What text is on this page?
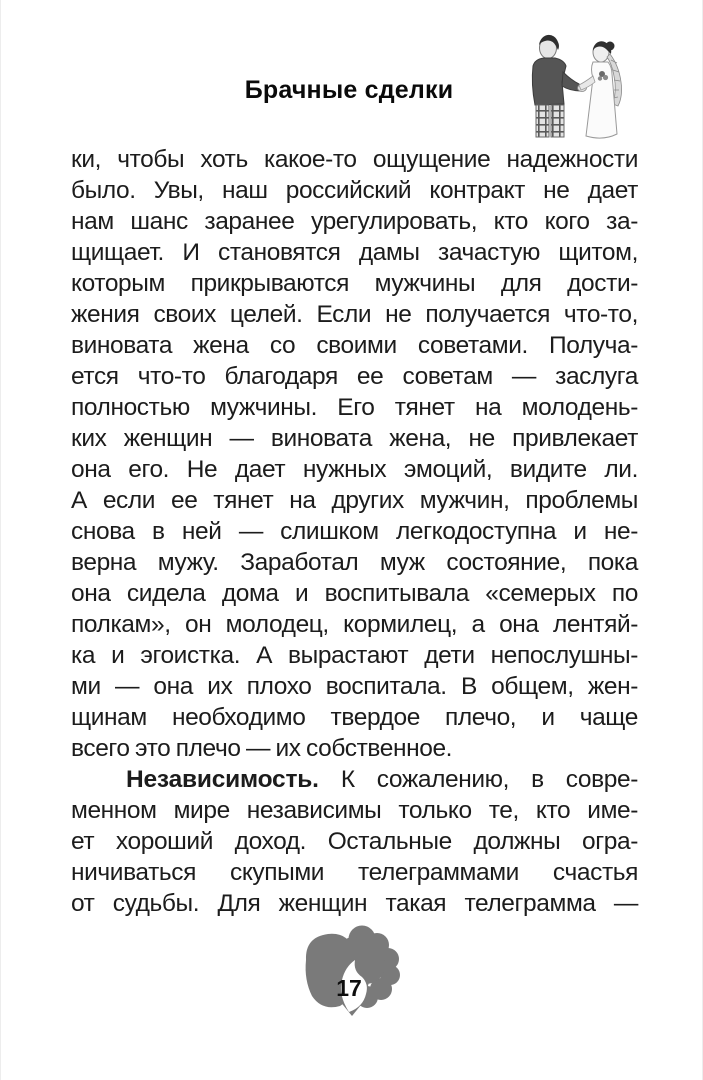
Брачные сделки
ки, чтобы хоть какое-то ощущение надежности
было. Увы, наш российский контракт не дает
нам шанс заранее урегулировать, кто кого за-
щищает. И становятся дамы зачастую щитом,
которым прикрываются мужчины для дости-
жения своих целей. Если не получается что-то,
виновата жена со своими советами. Получа-
ется что-то благодаря ее советам — заслуга
полностью мужчины. Его тянет на молодень-
ких женщин — виновата жена, не привлекает
она его. Не дает нужных эмоций, видите ли.
А если ее тянет на других мужчин, проблемы
снова в ней — слишком легкодоступна и не-
верна мужу. Заработал муж состояние, пока
она сидела дома и воспитывала «семерых по
полкам», он молодец, кормилец, а она лентяй-
ка и эгоистка. А вырастают дети непослушны-
ми — она их плохо воспитала. В общем, жен-
щинам необходимо твердое плечо, и чаще
всего это плечо — их собственное.
Независимость. К сожалению, в совре-
менном мире независимы только те, кто име-
ет хороший доход. Остальные должны огра-
ничиваться скупыми телеграммами счастья
от судьбы. Для женщин такая телеграмма —
17
